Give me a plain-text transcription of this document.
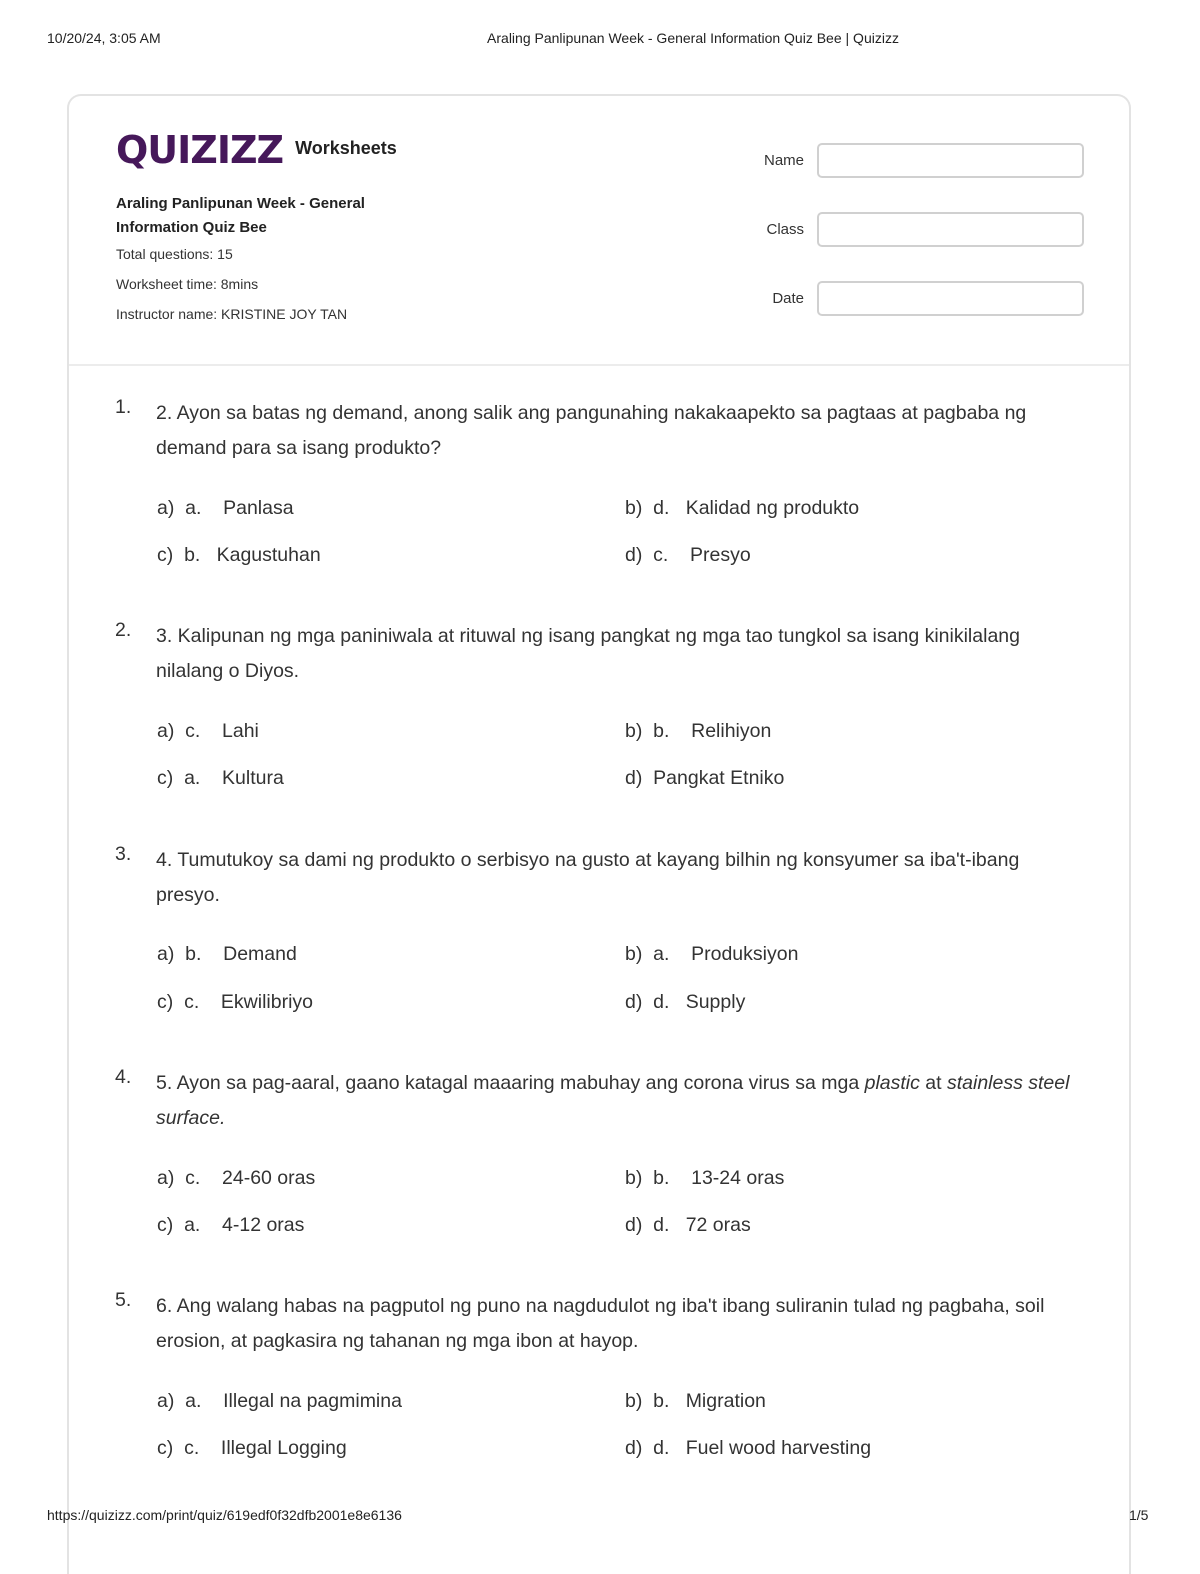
10/20/24, 3:05 AM	Araling Panlipunan Week - General Information Quiz Bee | Quizizz
QUIZIZZ Worksheets
Araling Panlipunan Week - General Information Quiz Bee
Total questions: 15
Worksheet time: 8mins
Instructor name: KRISTINE JOY TAN
Name
Class
Date
1. 2. Ayon sa batas ng demand, anong salik ang pangunahing nakakaapekto sa pagtaas at pagbaba ng demand para sa isang produkto?
a)  a.    Panlasa	b)  d.   Kalidad ng produkto
c)  b.   Kagustuhan	d)  c.    Presyo
2. 3. Kalipunan ng mga paniniwala at rituwal ng isang pangkat ng mga tao tungkol sa isang kinikilalang nilalang o Diyos.
a)  c.    Lahi	b)  b.    Relihiyon
c)  a.    Kultura	d)  Pangkat Etniko
3. 4. Tumutukoy sa dami ng produkto o serbisyo na gusto at kayang bilhin ng konsyumer sa iba't-ibang presyo.
a)  b.    Demand	b)  a.    Produksiyon
c)  c.    Ekwilibriyo	d)  d.   Supply
4. 5. Ayon sa pag-aaral, gaano katagal maaaring mabuhay ang corona virus sa mga plastic at stainless steel surface.
a)  c.    24-60 oras	b)  b.    13-24 oras
c)  a.    4-12 oras	d)  d.   72 oras
5. 6. Ang walang habas na pagputol ng puno na nagdudulot ng iba't ibang suliranin tulad ng pagbaha, soil erosion, at pagkasira ng tahanan ng mga ibon at hayop.
a)  a.    Illegal na pagmimina	b)  b.   Migration
c)  c.    Illegal Logging	d)  d.   Fuel wood harvesting
https://quizizz.com/print/quiz/619edf0f32dfb2001e8e6136	1/5
